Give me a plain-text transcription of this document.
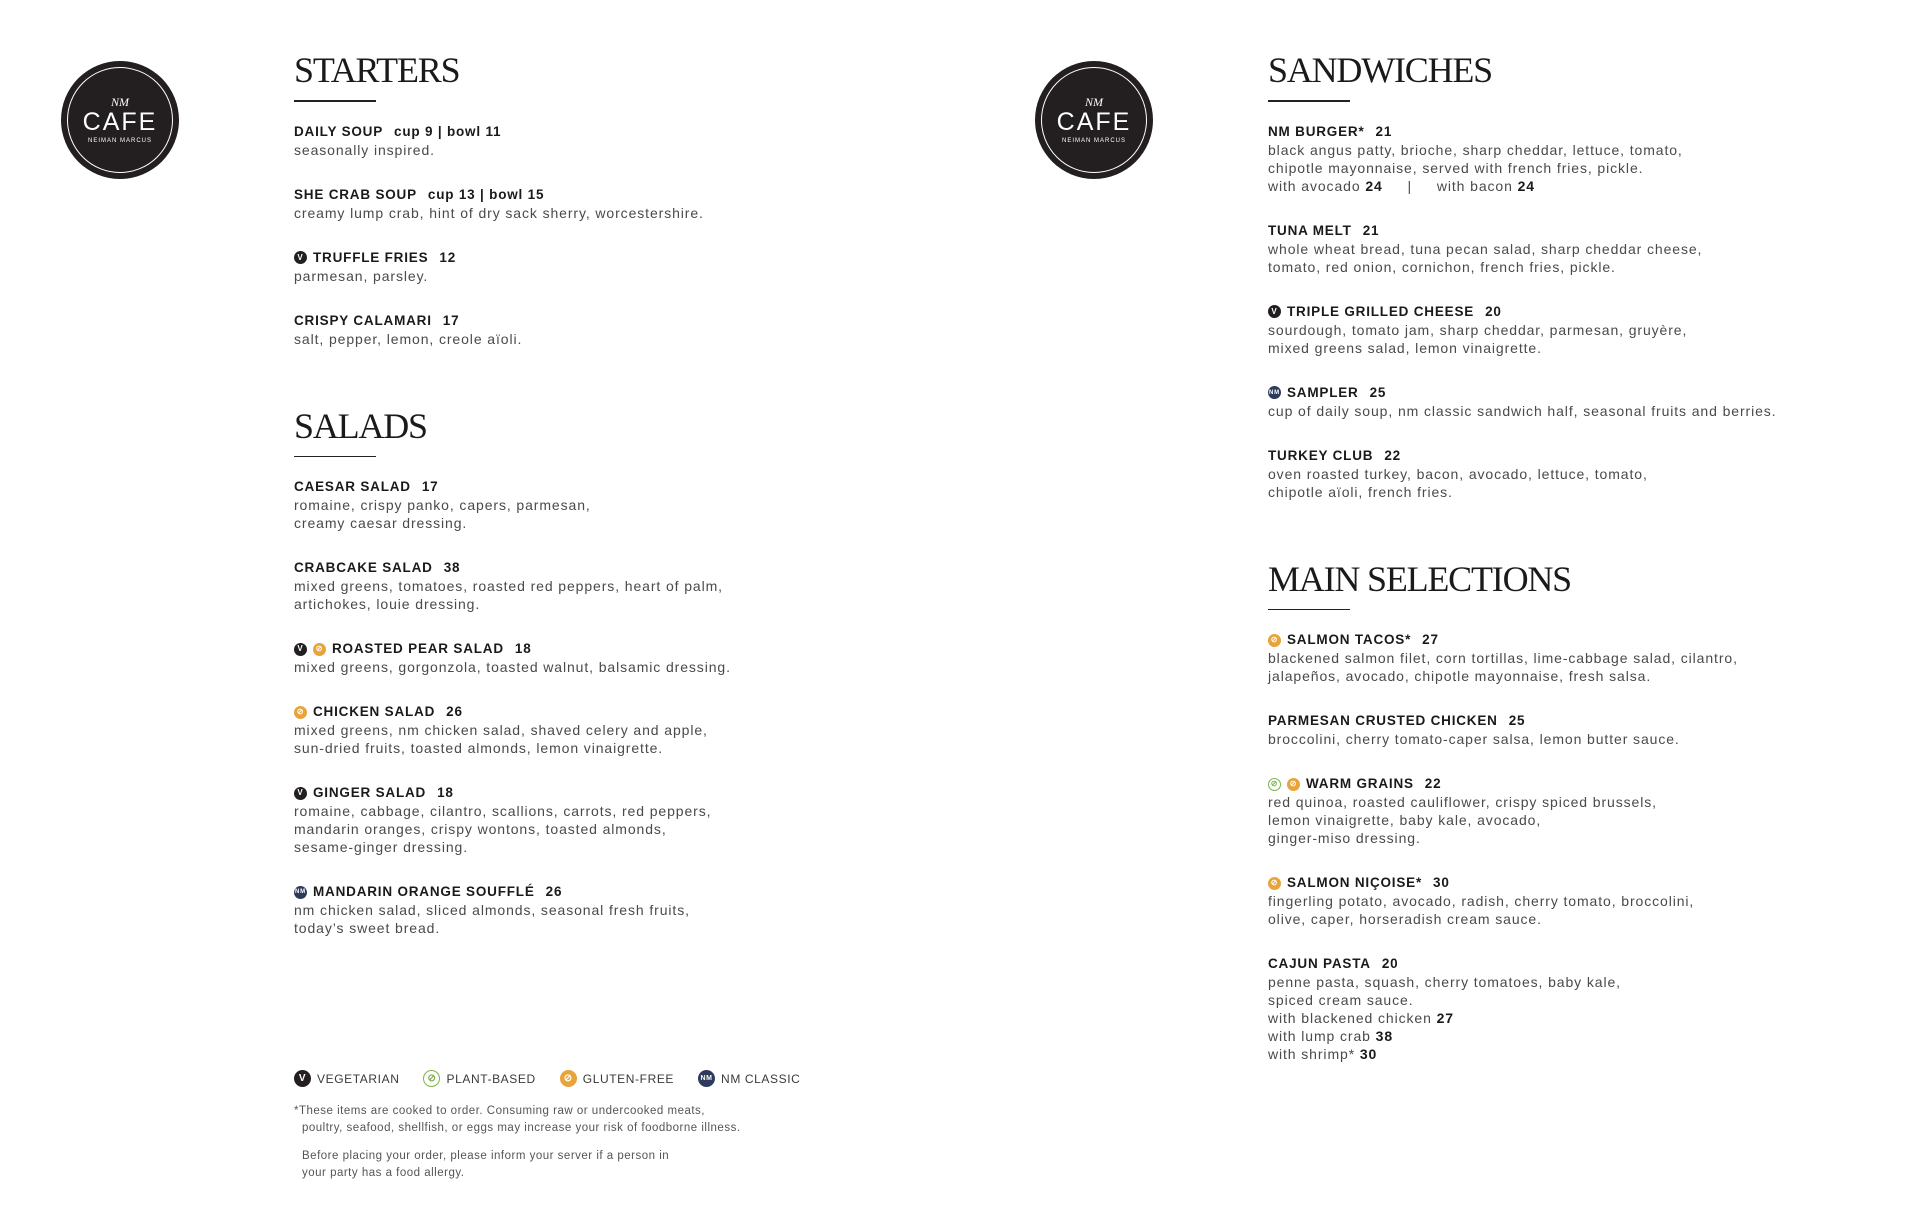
NM
CAFE
NEIMAN MARCUS
NM
CAFE
NEIMAN MARCUS
STARTERS
DAILY SOUP cup 9 | bowl 11
seasonally inspired.
SHE CRAB SOUP cup 13 | bowl 15
creamy lump crab, hint of dry sack sherry, worcestershire.
V TRUFFLE FRIES 12
parmesan, parsley.
CRISPY CALAMARI 17
salt, pepper, lemon, creole aïoli.
SALADS
CAESAR SALAD 17
romaine, crispy panko, capers, parmesan,
creamy caesar dressing.
CRABCAKE SALAD 38
mixed greens, tomatoes, roasted red peppers, heart of palm,
artichokes, louie dressing.
V	⊘ ROASTED PEAR SALAD 18
mixed greens, gorgonzola, toasted walnut, balsamic dressing.
⊘ CHICKEN SALAD 26
mixed greens, nm chicken salad, shaved celery and apple,
sun-dried fruits, toasted almonds, lemon vinaigrette.
V GINGER SALAD 18
romaine, cabbage, cilantro, scallions, carrots, red peppers,
mandarin oranges, crispy wontons, toasted almonds,
sesame-ginger dressing.
NM MANDARIN ORANGE SOUFFLÉ 26
nm chicken salad, sliced almonds, seasonal fresh fruits,
today’s sweet bread.
V VEGETARIAN	⊘ PLANT-BASED	⊘ GLUTEN-FREE	NM NM CLASSIC
*These items are cooked to order. Consuming raw or undercooked meats,
poultry, seafood, shellfish, or eggs may increase your risk of foodborne illness.
Before placing your order, please inform your server if a person in
your party has a food allergy.
SANDWICHES
NM BURGER* 21
black angus patty, brioche, sharp cheddar, lettuce, tomato,
chipotle mayonnaise, served with french fries, pickle.
with avocado 24 | with bacon 24
TUNA MELT 21
whole wheat bread, tuna pecan salad, sharp cheddar cheese,
tomato, red onion, cornichon, french fries, pickle.
V TRIPLE GRILLED CHEESE 20
sourdough, tomato jam, sharp cheddar, parmesan, gruyère,
mixed greens salad, lemon vinaigrette.
NM SAMPLER 25
cup of daily soup, nm classic sandwich half, seasonal fruits and berries.
TURKEY CLUB 22
oven roasted turkey, bacon, avocado, lettuce, tomato,
chipotle aïoli, french fries.
MAIN SELECTIONS
⊘ SALMON TACOS* 27
blackened salmon filet, corn tortillas, lime-cabbage salad, cilantro,
jalapeños, avocado, chipotle mayonnaise, fresh salsa.
PARMESAN CRUSTED CHICKEN 25
broccolini, cherry tomato-caper salsa, lemon butter sauce.
⊘	⊘ WARM GRAINS 22
red quinoa, roasted cauliflower, crispy spiced brussels,
lemon vinaigrette, baby kale, avocado,
ginger-miso dressing.
⊘ SALMON NIÇOISE* 30
fingerling potato, avocado, radish, cherry tomato, broccolini,
olive, caper, horseradish cream sauce.
CAJUN PASTA 20
penne pasta, squash, cherry tomatoes, baby kale,
spiced cream sauce.
with blackened chicken 27
with lump crab 38
with shrimp* 30
